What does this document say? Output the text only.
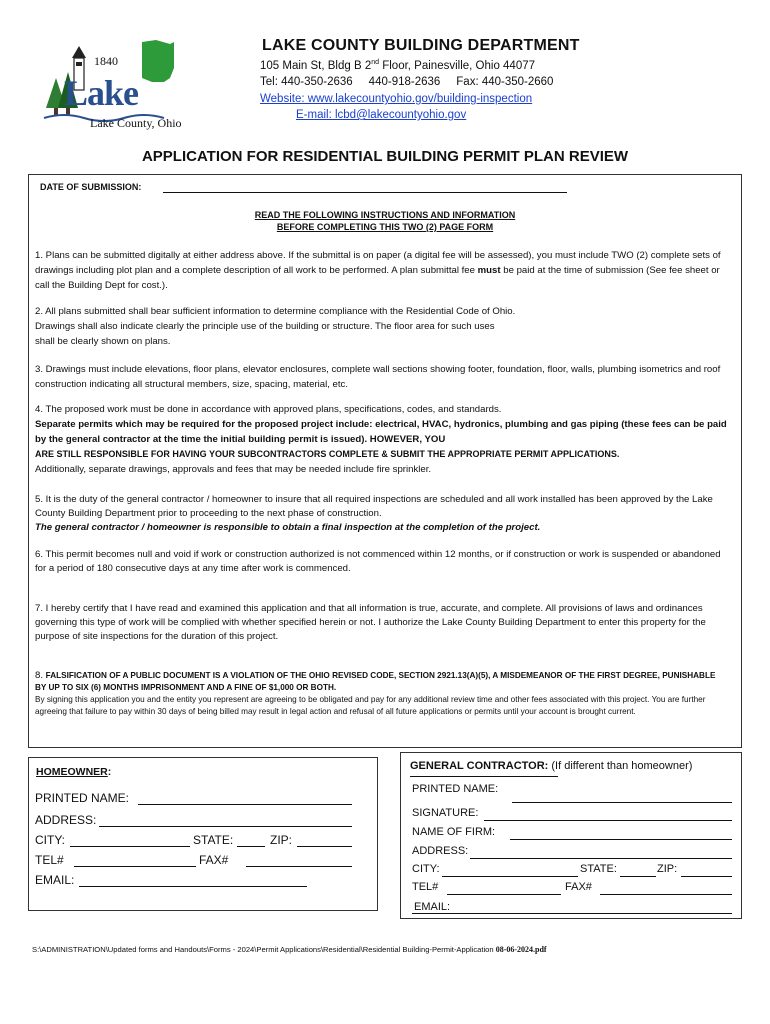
1840
Lake
Lake County, Ohio
LAKE COUNTY BUILDING DEPARTMENT
105 Main St, Bldg B 2nd Floor, Painesville, Ohio 44077
Tel: 440-350-2636     440-918-2636     Fax: 440-350-2660
Website: www.lakecountyohio.gov/building-inspection
E-mail: lcbd@lakecountyohio.gov
APPLICATION FOR RESIDENTIAL BUILDING PERMIT PLAN REVIEW
DATE OF SUBMISSION:
READ THE FOLLOWING INSTRUCTIONS AND INFORMATION
BEFORE COMPLETING THIS TWO (2) PAGE FORM

1. Plans can be submitted digitally at either address above. If the submittal is on paper (a digital fee will be assessed), you must include TWO (2) complete sets of drawings including plot plan and a complete description of all work to be performed. A plan submittal fee must be paid at the time of submission (See fee sheet or call the Building Dept for cost.).

2. All plans submitted shall bear sufficient information to determine compliance with the Residential Code of Ohio.

Drawings shall also indicate clearly the principle use of the building or structure. The floor area for such uses

shall be clearly shown on plans.

3. Drawings must include elevations, floor plans, elevator enclosures, complete wall sections showing footer, foundation, floor, walls, plumbing isometrics and roof construction indicating all structural members, size, spacing, material, etc.

4. The proposed work must be done in accordance with approved plans, specifications, codes, and standards.

Separate permits which may be required for the proposed project include: electrical, HVAC, hydronics, plumbing and gas piping (these fees can be paid by the general contractor at the time the initial building permit is issued). HOWEVER, YOU

ARE STILL RESPONSIBLE FOR HAVING YOUR SUBCONTRACTORS COMPLETE & SUBMIT THE APPROPRIATE PERMIT APPLICATIONS.

Additionally, separate drawings, approvals and fees that may be needed include fire sprinkler.

5. It is the duty of the general contractor / homeowner to insure that all required inspections are scheduled and all work installed has been approved by the Lake County Building Department prior to proceeding to the next phase of construction.

The general contractor / homeowner is responsible to obtain a final inspection at the completion of the project.

6. This permit becomes null and void if work or construction authorized is not commenced within 12 months, or if construction or work is suspended or abandoned for a period of 180 consecutive days at any time after work is commenced.
7. I hereby certify that I have read and examined this application and that all information is true, accurate, and complete. All provisions of laws and ordinances governing this type of work will be complied with whether specified herein or not. I authorize the Lake County Building Department to enter this property for the purpose of site inspections for the duration of this project.

8. FALSIFICATION OF A PUBLIC DOCUMENT IS A VIOLATION OF THE OHIO REVISED CODE, SECTION 2921.13(A)(5), A MISDEMEANOR OF THE FIRST DEGREE, PUNISHABLE BY UP TO SIX (6) MONTHS IMPRISONMENT AND A FINE OF $1,000 OR BOTH.

By signing this application you and the entity you represent are agreeing to be obligated and pay for any additional review time and other fees associated with this project. You are further agreeing that failure to pay within 30 days of being billed may result in legal action and refusal of all future applications or permits until your account is brought current.

HOMEOWNER:
PRINTED NAME:
ADDRESS:
CITY:	STATE:	ZIP:
TEL#	FAX#
EMAIL:
GENERAL CONTRACTOR: (If different than homeowner)
PRINTED NAME:
SIGNATURE:
NAME OF FIRM:
ADDRESS:
CITY:	STATE:	ZIP:
TEL#	FAX#
EMAIL:
S:\ADMINISTRATION\Updated forms and Handouts\Forms - 2024\Permit Applications\Residential\Residential Building-Permit-Application 08-06-2024.pdf
